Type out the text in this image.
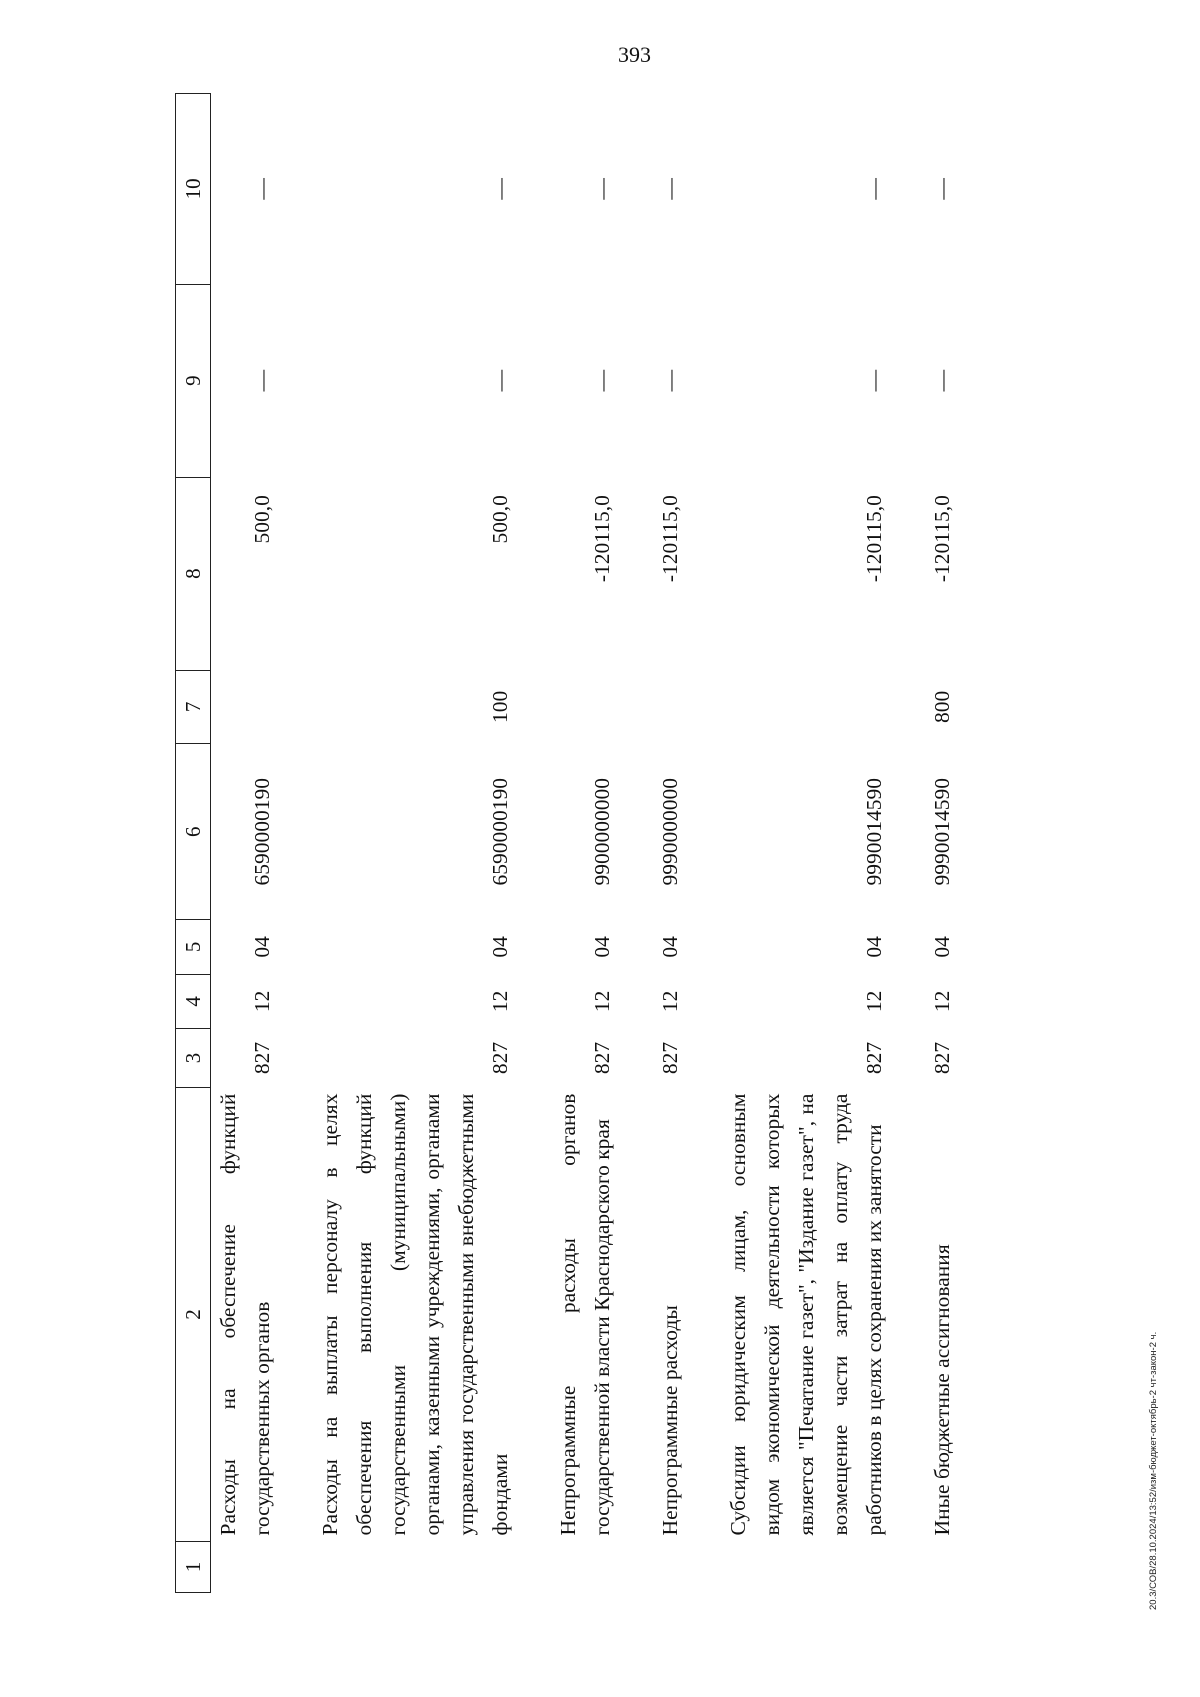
393
1	2	3	4	5	6	7	8	9	10
	Расходы на обеспечение функций государственных органов	827	12	04	6590000190		500,0	—	—

	Расходы на выплаты персоналу в целях обеспечения выполнения функций государственными (муниципальными) органами, казенными учреждениями, органами управления государственными внебюджетными фондами	827	12	04	6590000190	100	500,0	—	—

	Непрограммные расходы органов государственной власти Краснодарского края	827	12	04	9900000000		-120115,0	—	—

	Непрограммные расходы	827	12	04	9990000000		-120115,0	—	—

	Субсидии юридическим лицам, основным видом экономической деятельности которых является "Печатание газет", "Издание газет", на возмещение части затрат на оплату труда работников в целях сохранения их занятости	827	12	04	9990014590		-120115,0	—	—

	Иные бюджетные ассигнования	827	12	04	9990014590	800	-120115,0	—	—
20.3/СОВ/28.10.2024/13:52/изм-бюджет-октябрь-2 чт-закон-2 ч.
